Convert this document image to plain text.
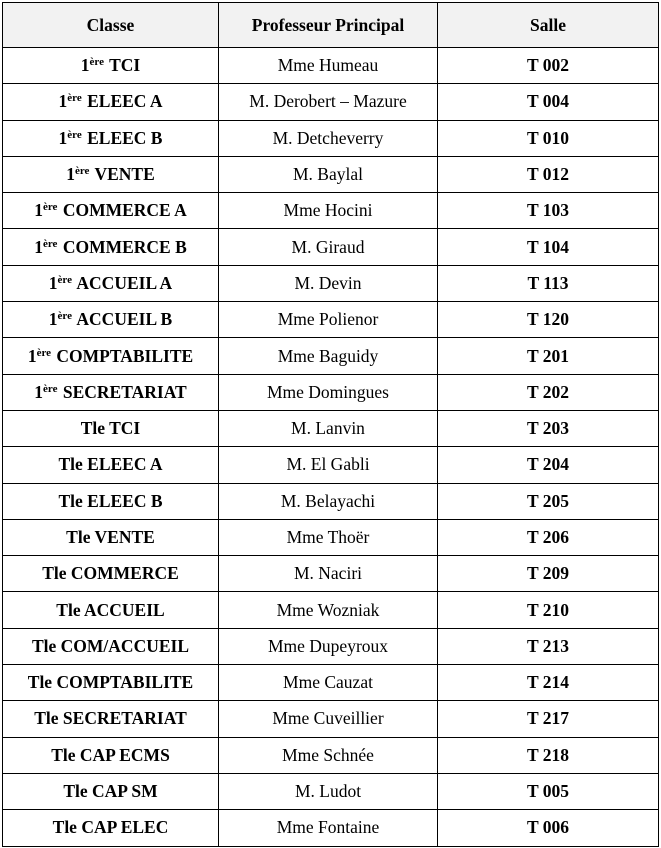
Classe	Professeur Principal	Salle
1ère TCI	Mme Humeau	T 002
1ère ELEEC A	M. Derobert – Mazure	T 004
1ère ELEEC B	M. Detcheverry	T 010
1ère VENTE	M. Baylal	T 012
1ère COMMERCE A	Mme Hocini	T 103
1ère COMMERCE B	M. Giraud	T 104
1ère ACCUEIL A	M. Devin	T 113
1ère ACCUEIL B	Mme Polienor	T 120
1ère COMPTABILITE	Mme Baguidy	T 201
1ère SECRETARIAT	Mme Domingues	T 202
Tle TCI	M. Lanvin	T 203
Tle ELEEC A	M. El Gabli	T 204
Tle ELEEC B	M. Belayachi	T 205
Tle VENTE	Mme Thoër	T 206
Tle COMMERCE	M. Naciri	T 209
Tle ACCUEIL	Mme Wozniak	T 210
Tle COM/ACCUEIL	Mme Dupeyroux	T 213
Tle COMPTABILITE	Mme Cauzat	T 214
Tle SECRETARIAT	Mme Cuveillier	T 217
Tle CAP ECMS	Mme Schnée	T 218
Tle CAP SM	M. Ludot	T 005
Tle CAP ELEC	Mme Fontaine	T 006
